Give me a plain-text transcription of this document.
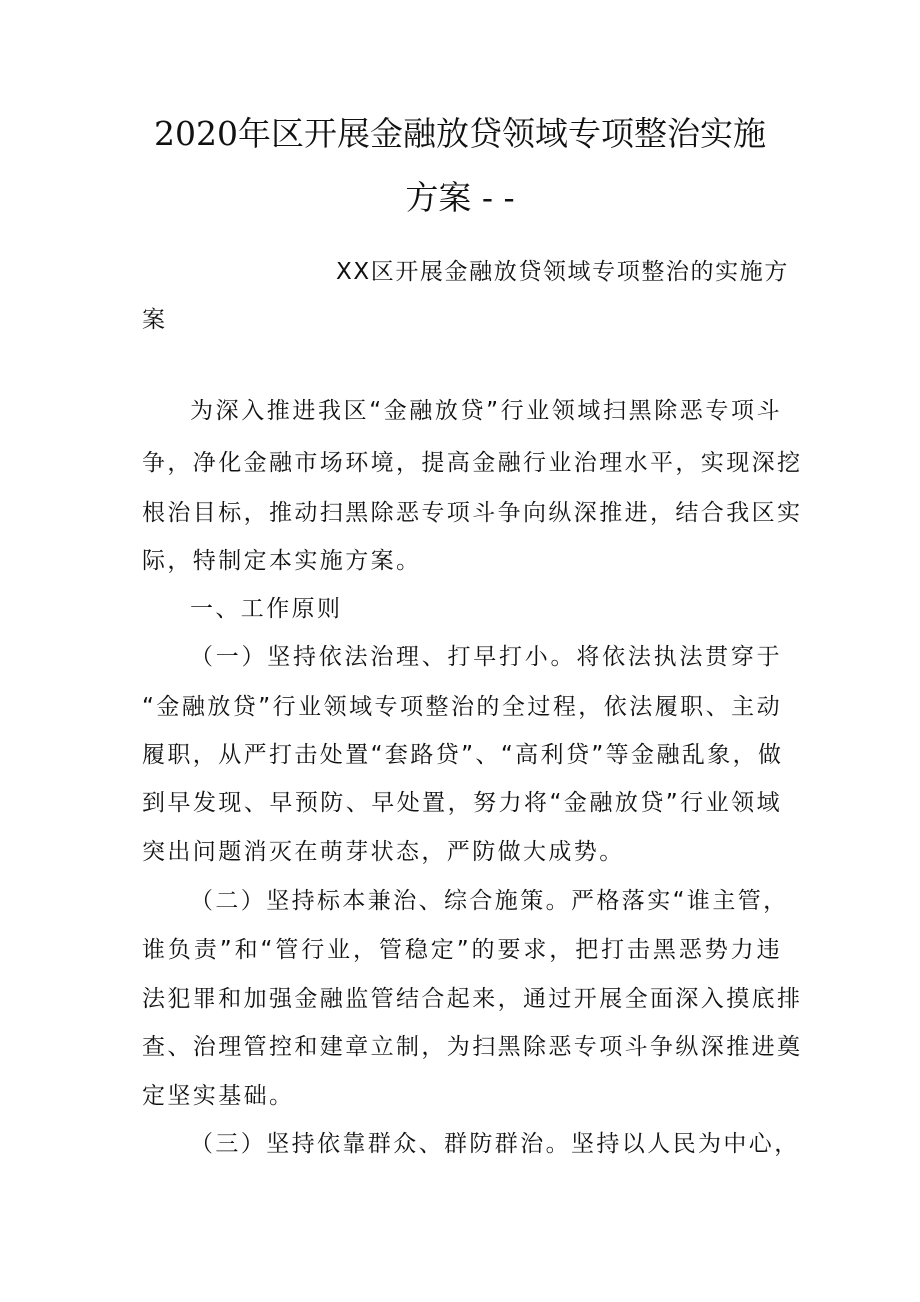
2020年区开展金融放贷领域专项整治实施
方案 - -
XX区开展金融放贷领域专项整治的实施方
案
为深入推进我区“金融放贷”行业领域扫黑除恶专项斗
争，净化金融市场环境，提高金融行业治理水平，实现深挖
根治目标，推动扫黑除恶专项斗争向纵深推进，结合我区实
际，特制定本实施方案。
一、工作原则
（一）坚持依法治理、打早打小。将依法执法贯穿于
“金融放贷”行业领域专项整治的全过程，依法履职、主动
履职，从严打击处置“套路贷”、“高利贷”等金融乱象，做
到早发现、早预防、早处置，努力将“金融放贷”行业领域
突出问题消灭在萌芽状态，严防做大成势。
（二）坚持标本兼治、综合施策。严格落实“谁主管，
谁负责”和“管行业，管稳定”的要求，把打击黑恶势力违
法犯罪和加强金融监管结合起来，通过开展全面深入摸底排
查、治理管控和建章立制，为扫黑除恶专项斗争纵深推进奠
定坚实基础。
（三）坚持依靠群众、群防群治。坚持以人民为中心，
